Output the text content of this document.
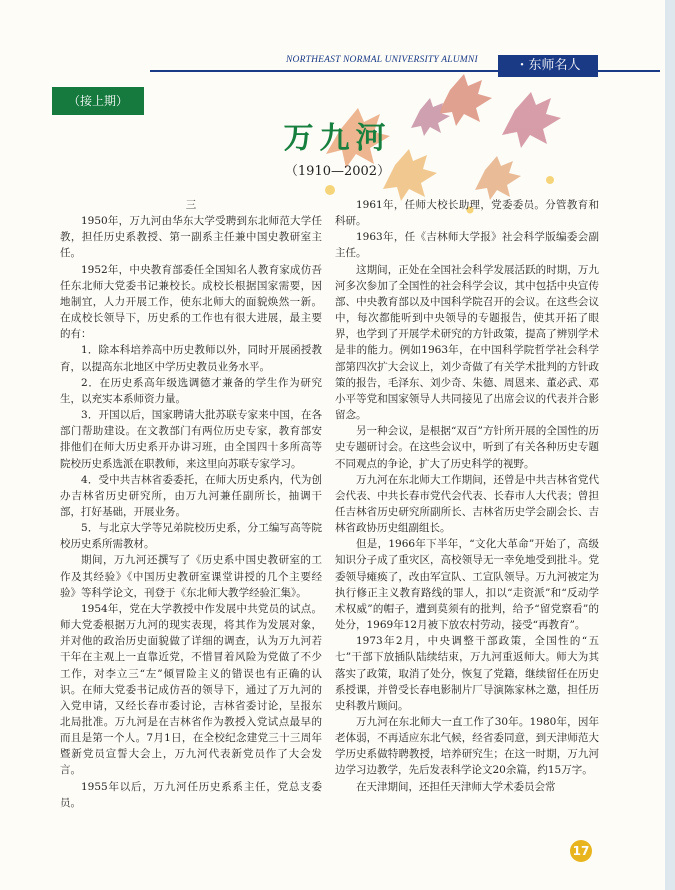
NORTHEAST NORMAL UNIVERSITY ALUMNI	・东师名人
（接上期）
万九河
（1910—2002）

三

1950年，万九河由华东大学受聘到东北师范大学任教，担任历史系教授、第一副系主任兼中国史教研室主任。

1952年，中央教育部委任全国知名人教育家成仿吾任东北师大党委书记兼校长。成校长根据国家需要，因地制宜，人力开展工作，使东北师大的面貌焕然一新。在成校长领导下，历史系的工作也有很大进展，最主要的有：

1．除本科培养高中历史教师以外，同时开展函授教育，以提高东北地区中学历史教员业务水平。

2．在历史系高年级选调德才兼备的学生作为研究生，以充实本系师资力量。

3．开国以后，国家聘请大批苏联专家来中国，在各部门帮助建设。在文教部门有两位历史专家，教育部安排他们在师大历史系开办讲习班，由全国四十多所高等院校历史系选派在职教师，来这里向苏联专家学习。

4．受中共吉林省委委托，在师大历史系内，代为创办吉林省历史研究所，由万九河兼任副所长，抽调干部，打好基础，开展业务。

5．与北京大学等兄弟院校历史系，分工编写高等院校历史系所需教材。

期间，万九河还撰写了《历史系中国史教研室的工作及其经验》《中国历史教研室课堂讲授的几个主要经验》等科学论文，刊登于《东北师大教学经验汇集》。

1954年，党在大学教授中作发展中共党员的试点。师大党委根据万九河的现实表现，将其作为发展对象，并对他的政治历史面貌做了详细的调查，认为万九河若干年在主观上一直靠近党，不惜冒着风险为党做了不少工作，对李立三“左”倾冒险主义的错误也有正确的认识。在师大党委书记成仿吾的领导下，通过了万九河的入党申请，又经长春市委讨论，吉林省委讨论，呈报东北局批准。万九河是在吉林省作为教授入党试点最早的而且是第一个人。7月1日，在全校纪念建党三十三周年暨新党员宣誓大会上，万九河代表新党员作了大会发言。

1955年以后，万九河任历史系系主任，党总支委员。

1961年，任师大校长助理，党委委员。分管教育和科研。

1963年，任《吉林师大学报》社会科学版编委会副主任。

这期间，正处在全国社会科学发展活跃的时期，万九河多次参加了全国性的社会科学会议，其中包括中央宣传部、中央教育部以及中国科学院召开的会议。在这些会议中，每次都能听到中央领导的专题报告，使其开拓了眼界，也学到了开展学术研究的方针政策，提高了辨别学术是非的能力。例如1963年，在中国科学院哲学社会科学部第四次扩大会议上，刘少奇做了有关学术批判的方针政策的报告，毛泽东、刘少奇、朱德、周恩来、董必武、邓小平等党和国家领导人共同接见了出席会议的代表并合影留念。

另一种会议，是根据“双百”方针所开展的全国性的历史专题研讨会。在这些会议中，听到了有关各种历史专题不同观点的争论，扩大了历史科学的视野。

万九河在东北师大工作期间，还曾是中共吉林省党代会代表、中共长春市党代会代表、长春市人大代表；曾担任吉林省历史研究所副所长、吉林省历史学会副会长、吉林省政协历史组副组长。

但是，1966年下半年，“文化大革命”开始了，高级知识分子成了重灾区，高校领导无一幸免地受到批斗。党委领导瘫痪了，改由军宣队、工宣队领导。万九河被定为执行修正主义教育路线的罪人，扣以“走资派”和“反动学术权威”的帽子，遭到莫须有的批判，给予“留党察看”的处分，1969年12月被下放农村劳动，接受“再教育”。

1973年2月，中央调整干部政策，全国性的“五七”干部下放插队陆续结束，万九河重返师大。师大为其落实了政策，取消了处分，恢复了党籍，继续留任在历史系授课，并曾受长春电影制片厂导演陈家林之邀，担任历史科教片顾问。

万九河在东北师大一直工作了30年。1980年，因年老体弱，不再适应东北气候，经省委同意，到天津师范大学历史系做特聘教授，培养研究生；在这一时期，万九河边学习边教学，先后发表科学论文20余篇，约15万字。

在天津期间，还担任天津师大学术委员会常

17
